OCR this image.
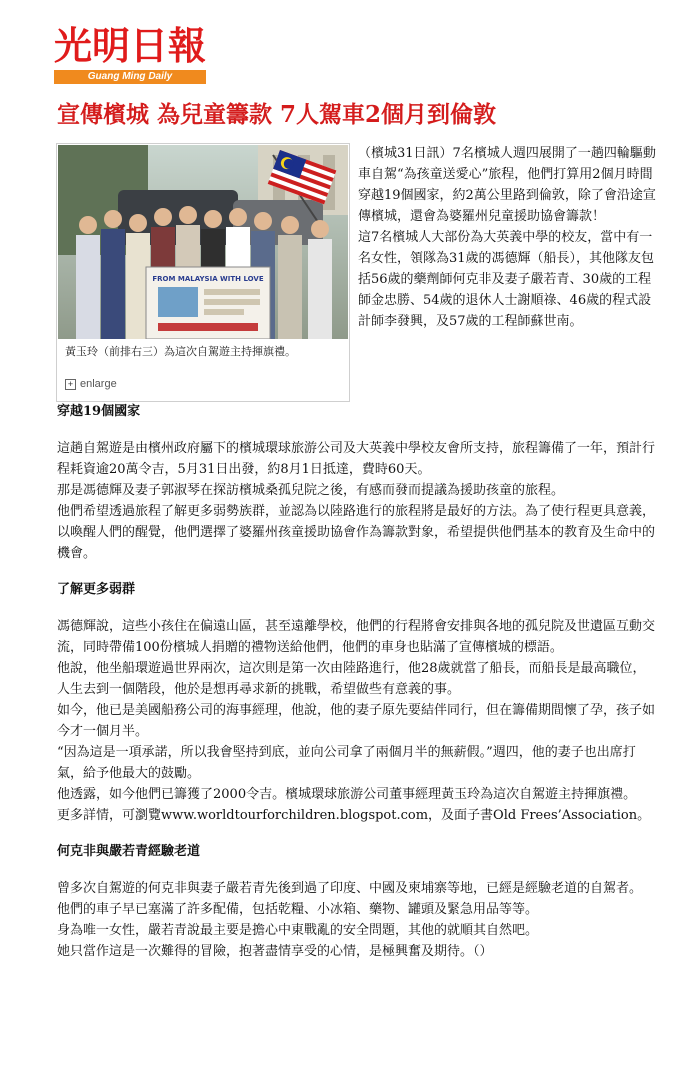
光明日報
Guang Ming Daily
宣傳檳城 為兒童籌款 7人駕車2個月到倫敦
FROM MALAYSIA WITH LOVE
黃玉玲（前排右三）為這次自駕遊主持揮旗禮。
+ enlarge

（檳城31日訊）7名檳城人週四展開了一趟四輪驅動車自駕“為孩童送愛心”旅程，他們打算用2個月時間穿越19個國家，約2萬公里路到倫敦，除了會沿途宣傳檳城，還會為婆羅州兒童援助協會籌款！

這7名檳城人大部份為大英義中學的校友，當中有一名女性，領隊為31歲的馮德輝（船長），其他隊友包括56歲的藥劑師何克非及妻子嚴若青、30歲的工程師金忠勝、54歲的退休人士謝順祿、46歲的程式設計師李發興，及57歲的工程師蘇世南。

穿越19個國家

這趟自駕遊是由檳州政府屬下的檳城環球旅游公司及大英義中學校友會所支持，旅程籌備了一年，預計行程耗資逾20萬令吉，5月31日出發，約8月1日抵達，費時60天。

那是馮德輝及妻子郭淑琴在探訪檳城桑孤兒院之後，有感而發而提議為援助孩童的旅程。

他們希望透過旅程了解更多弱勢族群，並認為以陸路進行的旅程將是最好的方法。為了使行程更具意義，以喚醒人們的醒覺，他們選擇了婆羅州孩童援助協會作為籌款對象，希望提供他們基本的教育及生命中的機會。

了解更多弱群

馮德輝說，這些小孩住在偏遠山區，甚至遠離學校，他們的行程將會安排與各地的孤兒院及世遺區互動交流，同時帶備100份檳城人捐贈的禮物送給他們，他們的車身也貼滿了宣傳檳城的標語。

他說，他坐船環遊過世界兩次，這次則是第一次由陸路進行，他28歲就當了船長，而船長是最高職位，人生去到一個階段，他於是想再尋求新的挑戰，希望做些有意義的事。

如今，他已是美國船務公司的海事經理，他說，他的妻子原先要結伴同行，但在籌備期間懷了孕，孩子如今才一個月半。

“因為這是一項承諾，所以我會堅持到底，並向公司拿了兩個月半的無薪假。”週四，他的妻子也出席打氣，給予他最大的鼓勵。

他透露，如今他們已籌獲了2000令吉。檳城環球旅游公司董事經理黃玉玲為這次自駕遊主持揮旗禮。

更多詳情，可瀏覽www.worldtourforchildren.blogspot.com，及面子書Old Frees’Association。

何克非與嚴若青經驗老道

曾多次自駕遊的何克非與妻子嚴若青先後到過了印度、中國及柬埔寨等地，已經是經驗老道的自駕者。

他們的車子早已塞滿了許多配備，包括乾糧、小冰箱、藥物、罐頭及緊急用品等等。

身為唯一女性，嚴若青說最主要是擔心中東戰亂的安全問題，其他的就順其自然吧。

她只當作這是一次難得的冒險，抱著盡情享受的心情，是極興奮及期待。（）
